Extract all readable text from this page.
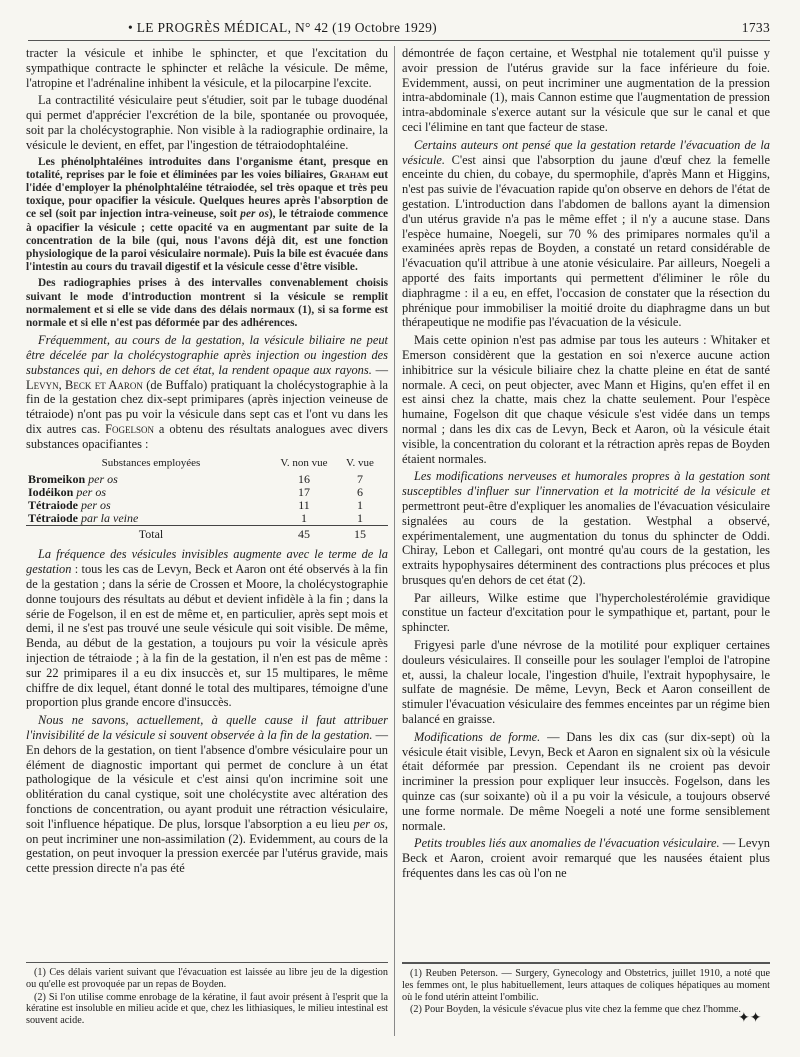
• LE PROGRÈS MÉDICAL, N° 42 (19 Octobre 1929)	1733

tracter la vésicule et inhibe le sphincter, et que l'excitation du sympathique contracte le sphincter et relâche la vésicule. De même, l'atropine et l'adrénaline inhibent la vésicule, et la pilocarpine l'excite.

La contractilité vésiculaire peut s'étudier, soit par le tubage duodénal qui permet d'apprécier l'excrétion de la bile, spontanée ou provoquée, soit par la cholécystographie. Non visible à la radiographie ordinaire, la vésicule le devient, en effet, par l'ingestion de tétraiodophtaléine.

Les phénolphtaléines introduites dans l'organisme étant, presque en totalité, reprises par le foie et éliminées par les voies biliaires, Graham eut l'idée d'employer la phénolphtaléine tétraiodée, sel très opaque et très peu toxique, pour opacifier la vésicule. Quelques heures après l'absorption de ce sel (soit par injection intra-veineuse, soit per os), le tétraiode commence à opacifier la vésicule ; cette opacité va en augmentant par suite de la concentration de la bile (qui, nous l'avons déjà dit, est une fonction physiologique de la paroi vésiculaire normale). Puis la bile est évacuée dans l'intestin au cours du travail digestif et la vésicule cesse d'être visible.

Des radiographies prises à des intervalles convenablement choisis suivant le mode d'introduction montrent si la vésicule se remplit normalement et si elle se vide dans des délais normaux (1), si sa forme est normale et si elle n'est pas déformée par des adhérences.

Fréquemment, au cours de la gestation, la vésicule biliaire ne peut être décelée par la cholécystographie après injection ou ingestion des substances qui, en dehors de cet état, la rendent opaque aux rayons. — Levyn, Beck et Aaron (de Buffalo) pratiquant la cholécystographie à la fin de la gestation chez dix-sept primipares (après injection veineuse de tétraiode) n'ont pas pu voir la vésicule dans sept cas et l'ont vu dans les dix autres cas. Fogelson a obtenu des résultats analogues avec divers substances opacifiantes :

Substances employées	V. non vue	V. vue
Bromeikon per os	16	7
Iodéikon per os	17	6
Tétraiode per os	11	1
Tétraiode par la veine	1	1
Total	45	15

La fréquence des vésicules invisibles augmente avec le terme de la gestation : tous les cas de Levyn, Beck et Aaron ont été observés à la fin de la gestation ; dans la série de Crossen et Moore, la cholécystographie donne toujours des résultats au début et devient infidèle à la fin ; dans la série de Fogelson, il en est de même et, en particulier, après sept mois et demi, il ne s'est pas trouvé une seule vésicule qui soit visible. De même, Benda, au début de la gestation, a toujours pu voir la vésicule après injection de tétraiode ; à la fin de la gestation, il n'en est pas de même : sur 22 primipares il a eu dix insuccès et, sur 15 multipares, le même chiffre de dix lequel, étant donné le total des multipares, témoigne d'une proportion plus grande encore d'insuccès.

Nous ne savons, actuellement, à quelle cause il faut attribuer l'invisibilité de la vésicule si souvent observée à la fin de la gestation. — En dehors de la gestation, on tient l'absence d'ombre vésiculaire pour un élément de diagnostic important qui permet de conclure à un état pathologique de la vésicule et c'est ainsi qu'on incrimine soit une oblitération du canal cystique, soit une cholécystite avec altération des fonctions de concentration, ou ayant produit une rétraction vésiculaire, soit l'influence hépatique. De plus, lorsque l'absorption a eu lieu per os, on peut incriminer une non-assimilation (2). Evidemment, au cours de la gestation, on peut invoquer la pression exercée par l'utérus gravide, mais cette pression directe n'a pas été

démontrée de façon certaine, et Westphal nie totalement qu'il puisse y avoir pression de l'utérus gravide sur la face inférieure du foie. Evidemment, aussi, on peut incriminer une augmentation de la pression intra-abdominale (1), mais Cannon estime que l'augmentation de pression intra-abdominale s'exerce autant sur la vésicule que sur le canal et que ceci l'élimine en tant que facteur de stase.

Certains auteurs ont pensé que la gestation retarde l'évacuation de la vésicule. C'est ainsi que l'absorption du jaune d'œuf chez la femelle enceinte du chien, du cobaye, du spermophile, d'après Mann et Higgins, n'est pas suivie de l'évacuation rapide qu'on observe en dehors de l'état de gestation. L'introduction dans l'abdomen de ballons ayant la dimension d'un utérus gravide n'a pas le même effet ; il n'y a aucune stase. Dans l'espèce humaine, Noegeli, sur 70 % des primipares normales qu'il a examinées après repas de Boyden, a constaté un retard considérable de l'évacuation qu'il attribue à une atonie vésiculaire. Par ailleurs, Noegeli a apporté des faits importants qui permettent d'éliminer le rôle du diaphragme : il a eu, en effet, l'occasion de constater que la résection du phrénique pour immobiliser la moitié droite du diaphragme dans un but thérapeutique ne modifie pas l'évacuation de la vésicule.

Mais cette opinion n'est pas admise par tous les auteurs : Whitaker et Emerson considèrent que la gestation en soi n'exerce aucune action inhibitrice sur la vésicule biliaire chez la chatte pleine en état de santé normale. A ceci, on peut objecter, avec Mann et Higins, qu'en effet il en est ainsi chez la chatte, mais chez la chatte seulement. Pour l'espèce humaine, Fogelson dit que chaque vésicule s'est vidée dans un temps normal ; dans les dix cas de Levyn, Beck et Aaron, où la vésicule était visible, la concentration du colorant et la rétraction après repas de Boyden étaient normales.

Les modifications nerveuses et humorales propres à la gestation sont susceptibles d'influer sur l'innervation et la motricité de la vésicule et permettront peut-être d'expliquer les anomalies de l'évacuation vésiculaire signalées au cours de la gestation. Westphal a observé, expérimentalement, une augmentation du tonus du sphincter de Oddi. Chiray, Lebon et Callegari, ont montré qu'au cours de la gestation, les extraits hypophysaires déterminent des contractions plus précoces et plus brusques qu'en dehors de cet état (2).

Par ailleurs, Wilke estime que l'hypercholestérolémie gravidique constitue un facteur d'excitation pour le sympathique et, partant, pour le sphincter.

Frigyesi parle d'une névrose de la motilité pour expliquer certaines douleurs vésiculaires. Il conseille pour les soulager l'emploi de l'atropine et, aussi, la chaleur locale, l'ingestion d'huile, l'extrait hypophysaire, le sulfate de magnésie. De même, Levyn, Beck et Aaron conseillent de stimuler l'évacuation vésiculaire des femmes enceintes par un régime bien balancé en graisse.

Modifications de forme. — Dans les dix cas (sur dix-sept) où la vésicule était visible, Levyn, Beck et Aaron en signalent six où la vésicule était déformée par pression. Cependant ils ne croient pas devoir incriminer la pression pour expliquer leur insuccès. Fogelson, dans les quinze cas (sur soixante) où il a pu voir la vésicule, a toujours observé une forme normale. De même Noegeli a noté une forme sensiblement normale.

Petits troubles liés aux anomalies de l'évacuation vésiculaire. — Levyn Beck et Aaron, croient avoir remarqué que les nausées étaient plus fréquentes dans les cas où l'on ne

(1) Ces délais varient suivant que l'évacuation est laissée au libre jeu de la digestion ou qu'elle est provoquée par un repas de Boyden.

(2) Si l'on utilise comme enrobage de la kératine, il faut avoir présent à l'esprit que la kératine est insoluble en milieu acide et que, chez les lithiasiques, le milieu intestinal est souvent acide.

(1) Reuben Peterson. — Surgery, Gynecology and Obstetrics, juillet 1910, a noté que les femmes ont, le plus habituellement, leurs attaques de coliques hépatiques au moment où le fond utérin atteint l'ombilic.

(2) Pour Boyden, la vésicule s'évacue plus vite chez la femme que chez l'homme.

✦✦
